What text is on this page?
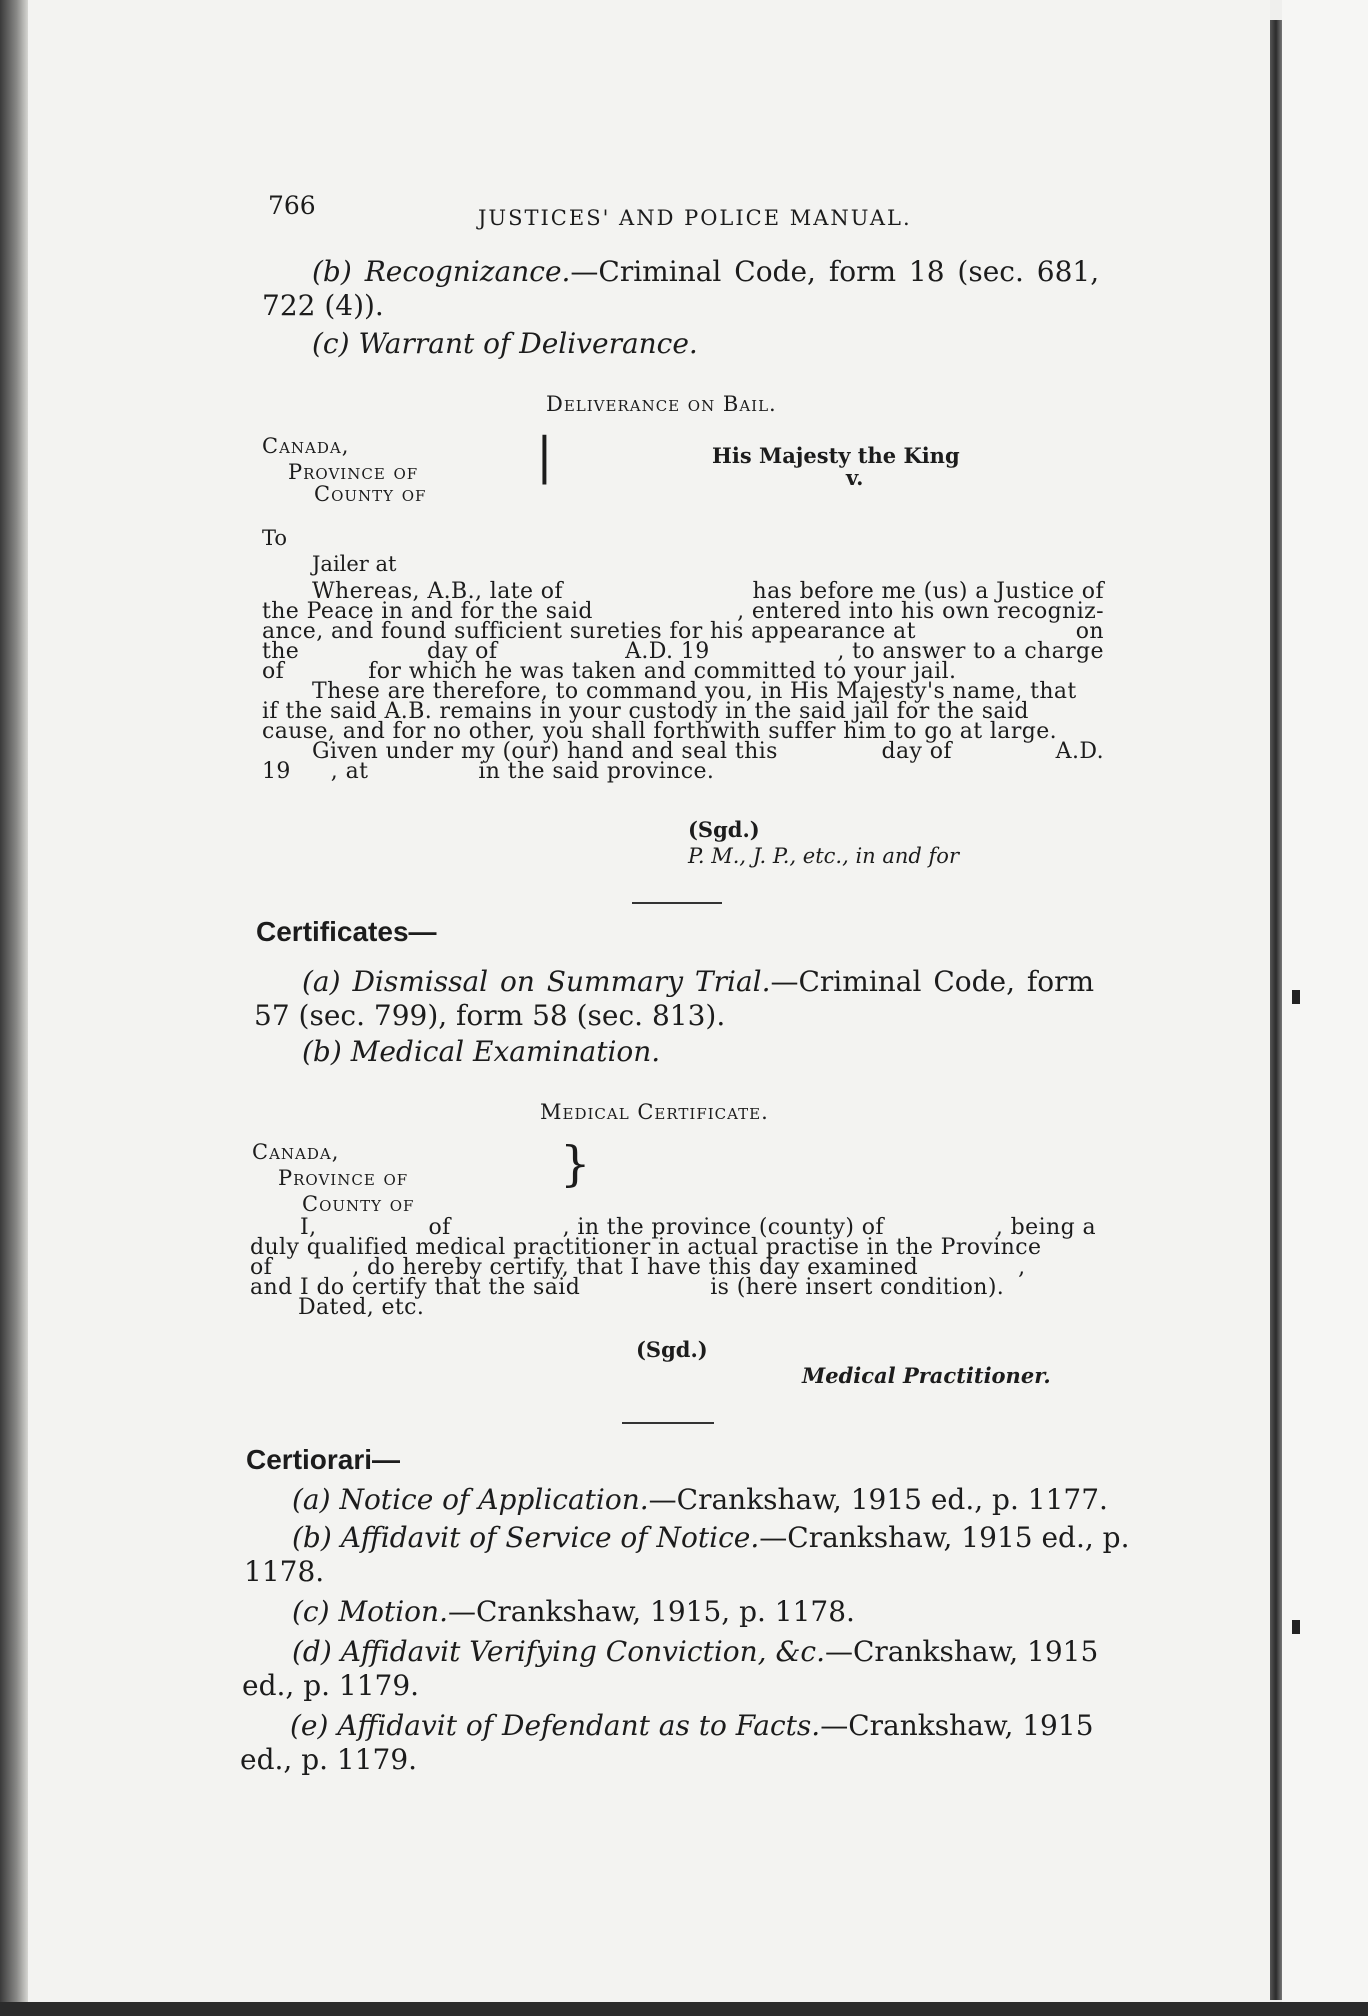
766	JUSTICES' AND POLICE MANUAL.
(b) Recognizance.—Criminal Code, form 18 (sec. 681,
722 (4)).
(c) Warrant of Deliverance.
Deliverance on Bail.
Canada,
Province of
County of
|	His Majesty the King
v.
To
Jailer at
Whereas, A.B., late of	has before me (us) a Justice of
the Peace in and for the said	, entered into his own recogniz-
ance, and found sufficient sureties for his appearance at	on
the	day of	A.D. 19	, to answer to a charge
of	for which he was taken and committed to your jail.
These are therefore, to command you, in His Majesty's name, that
if the said A.B. remains in your custody in the said jail for the said
cause, and for no other, you shall forthwith suffer him to go at large.
Given under my (our) hand and seal this	day of	A.D.
19 , at	in the said province.
(Sgd.)
P. M., J. P., etc., in and for
Certificates—
(a) Dismissal on Summary Trial.—Criminal Code, form
57 (sec. 799), form 58 (sec. 813).
(b) Medical Examination.
Medical Certificate.
Canada,
Province of
County of
}
I,	of	, in the province (county) of	, being a
duly qualified medical practitioner in actual practise in the Province
of	, do hereby certify, that I have this day examined	,
and I do certify that the said	is (here insert condition).
Dated, etc.
(Sgd.)
Medical Practitioner.
Certiorari—
(a) Notice of Application.—Crankshaw, 1915 ed., p. 1177.
(b) Affidavit of Service of Notice.—Crankshaw, 1915 ed., p.
1178.
(c) Motion.—Crankshaw, 1915, p. 1178.
(d) Affidavit Verifying Conviction, &c.—Crankshaw, 1915
ed., p. 1179.
(e) Affidavit of Defendant as to Facts.—Crankshaw, 1915
ed., p. 1179.
